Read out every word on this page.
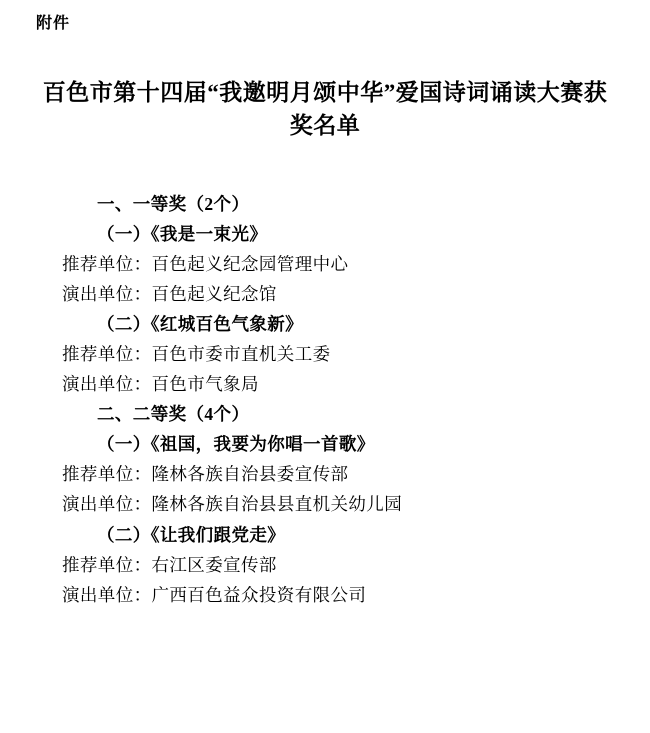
附件
百色市第十四届“我邀明月颂中华”爱国诗词诵读大赛获奖名单
一、一等奖（2个）
（一）《我是一束光》
推荐单位：百色起义纪念园管理中心
演出单位：百色起义纪念馆
（二）《红城百色气象新》
推荐单位：百色市委市直机关工委
演出单位：百色市气象局
二、二等奖（4个）
（一）《祖国，我要为你唱一首歌》
推荐单位：隆林各族自治县委宣传部
演出单位：隆林各族自治县县直机关幼儿园
（二）《让我们跟党走》
推荐单位：右江区委宣传部
演出单位：广西百色益众投资有限公司
